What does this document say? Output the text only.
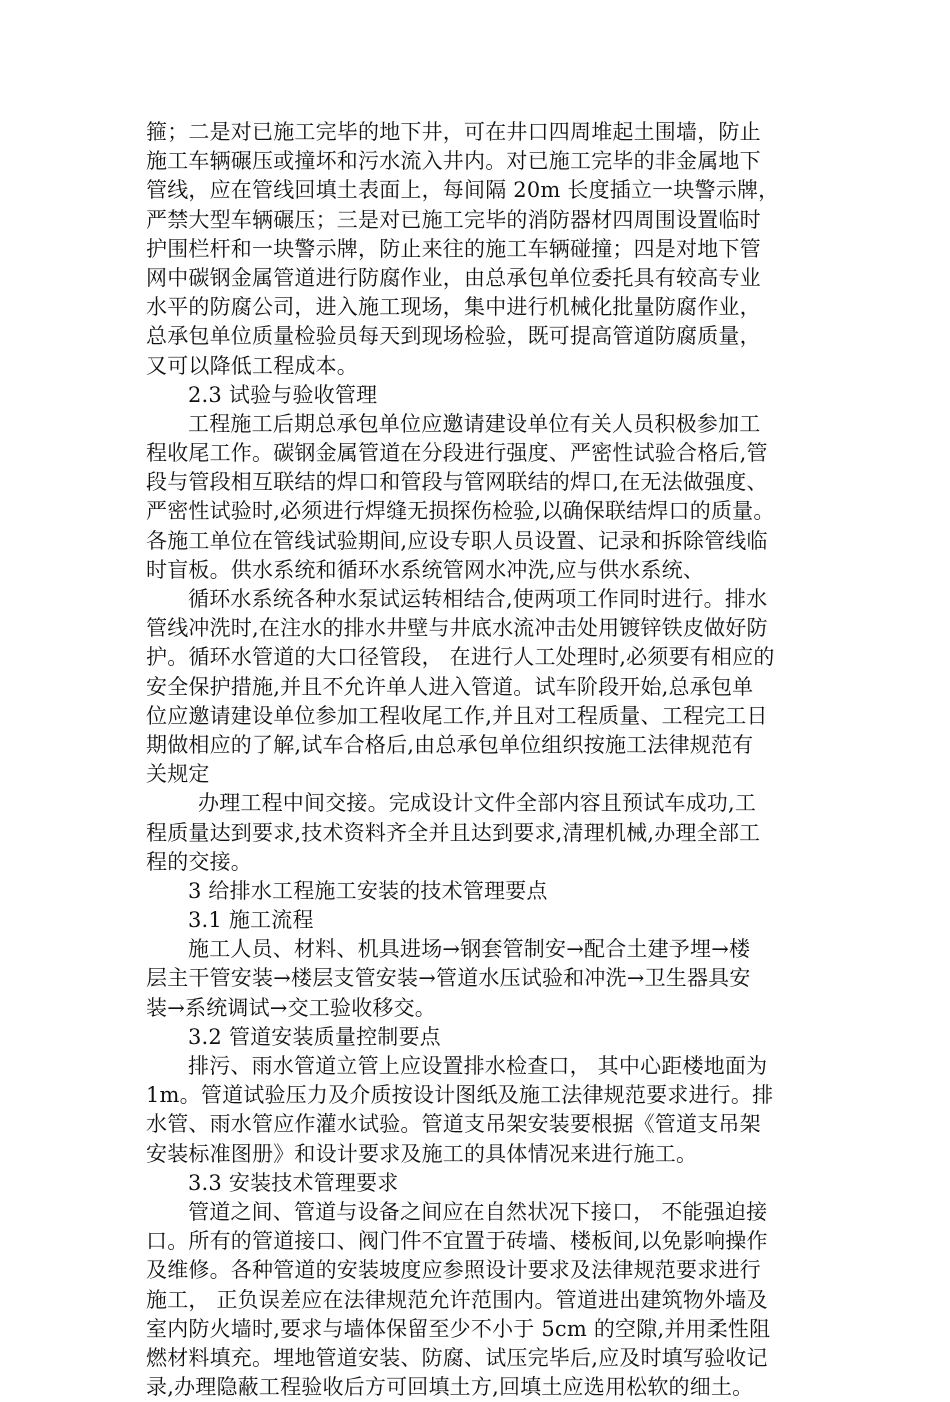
箍；二是对已施工完毕的地下井，可在井口四周堆起土围墙，防止
施工车辆碾压或撞坏和污水流入井内。对已施工完毕的非金属地下
管线，应在管线回填土表面上，每间隔 20m 长度插立一块警示牌，
严禁大型车辆碾压；三是对已施工完毕的消防器材四周围设置临时
护围栏杆和一块警示牌，防止来往的施工车辆碰撞；四是对地下管
网中碳钢金属管道进行防腐作业，由总承包单位委托具有较高专业
水平的防腐公司，进入施工现场，集中进行机械化批量防腐作业，
总承包单位质量检验员每天到现场检验，既可提高管道防腐质量，
又可以降低工程成本。
2.3 试验与验收管理
工程施工后期总承包单位应邀请建设单位有关人员积极参加工
程收尾工作。碳钢金属管道在分段进行强度、严密性试验合格后,管
段与管段相互联结的焊口和管段与管网联结的焊口,在无法做强度、
严密性试验时,必须进行焊缝无损探伤检验,以确保联结焊口的质量。
各施工单位在管线试验期间,应设专职人员设置、记录和拆除管线临
时盲板。供水系统和循环水系统管网水冲洗,应与供水系统、
循环水系统各种水泵试运转相结合,使两项工作同时进行。排水
管线冲洗时,在注水的排水井壁与井底水流冲击处用镀锌铁皮做好防
护。循环水管道的大口径管段， 在进行人工处理时,必须要有相应的
安全保护措施,并且不允许单人进入管道。试车阶段开始,总承包单
位应邀请建设单位参加工程收尾工作,并且对工程质量、工程完工日
期做相应的了解,试车合格后,由总承包单位组织按施工法律规范有
关规定
办理工程中间交接。完成设计文件全部内容且预试车成功,工
程质量达到要求,技术资料齐全并且达到要求,清理机械,办理全部工
程的交接。
3 给排水工程施工安装的技术管理要点
3.1 施工流程
施工人员、材料、机具进场→钢套管制安→配合土建予埋→楼
层主干管安装→楼层支管安装→管道水压试验和冲洗→卫生器具安
装→系统调试→交工验收移交。
3.2 管道安装质量控制要点
排污、雨水管道立管上应设置排水检查口， 其中心距楼地面为
1m。管道试验压力及介质按设计图纸及施工法律规范要求进行。排
水管、雨水管应作灌水试验。管道支吊架安装要根据《管道支吊架
安装标准图册》和设计要求及施工的具体情况来进行施工。
3.3 安装技术管理要求
管道之间、管道与设备之间应在自然状况下接口， 不能强迫接
口。所有的管道接口、阀门件不宜置于砖墙、楼板间,以免影响操作
及维修。各种管道的安装坡度应参照设计要求及法律规范要求进行
施工， 正负误差应在法律规范允许范围内。管道进出建筑物外墙及
室内防火墙时,要求与墙体保留至少不小于 5cm 的空隙,并用柔性阻
燃材料填充。埋地管道安装、防腐、试压完毕后,应及时填写验收记
录,办理隐蔽工程验收后方可回填土方,回填土应选用松软的细土。
